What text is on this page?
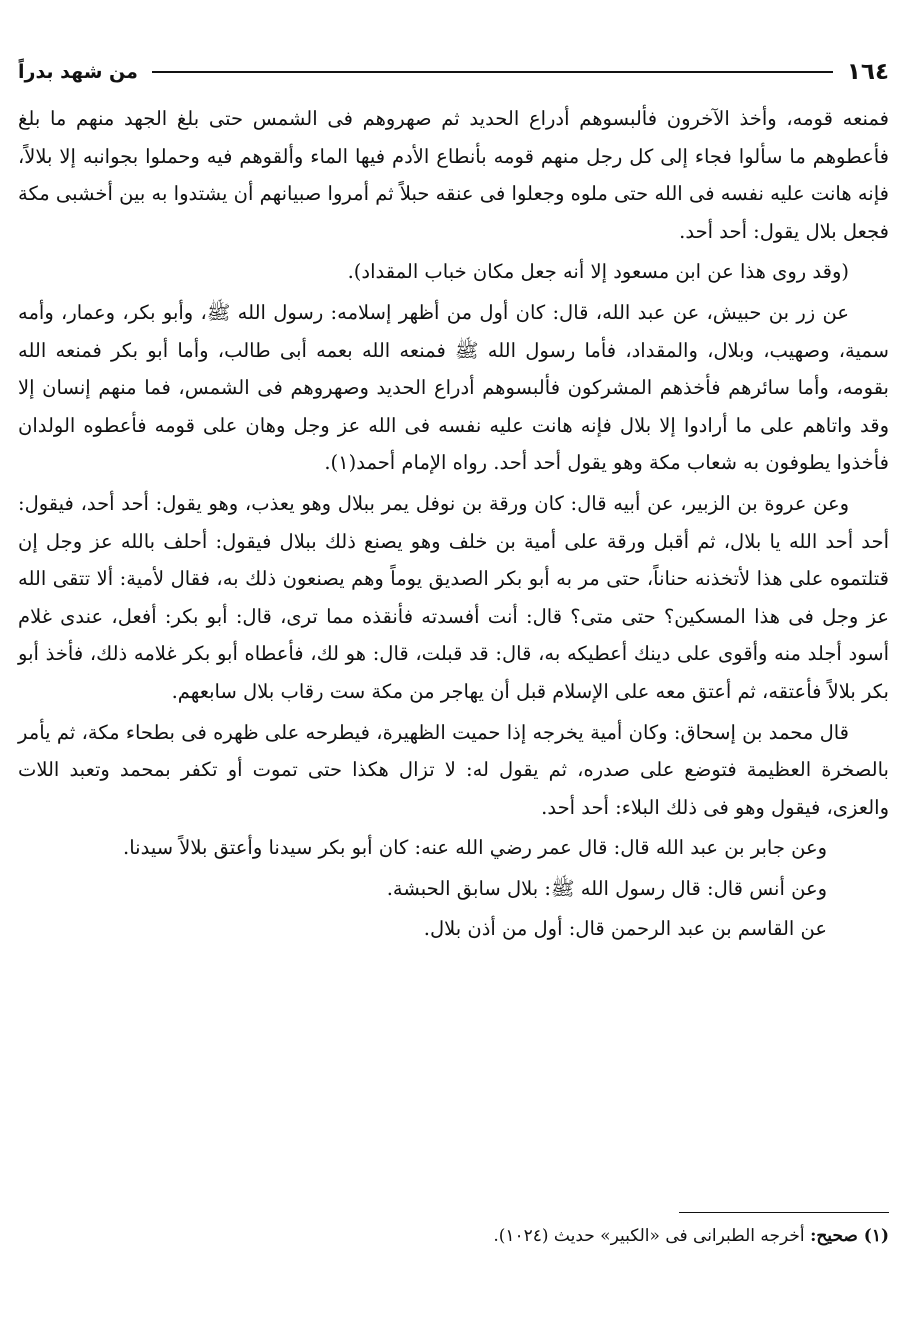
١٦٤
من شهد بدراً

فمنعه قومه، وأخذ الآخرون فألبسوهم أدراع الحديد ثم صهروهم فى الشمس حتى بلغ الجهد منهم ما بلغ فأعطوهم ما سألوا فجاء إلى كل رجل منهم قومه بأنطاع الأدم فيها الماء وألقوهم فيه وحملوا بجوانبه إلا بلالاً، فإنه هانت عليه نفسه فى الله حتى ملوه وجعلوا فى عنقه حبلاً ثم أمروا صبيانهم أن يشتدوا به بين أخشبى مكة فجعل بلال يقول: أحد أحد.

(وقد روى هذا عن ابن مسعود إلا أنه جعل مكان خباب المقداد).

عن زر بن حبيش، عن عبد الله، قال: كان أول من أظهر إسلامه: رسول الله ﷺ، وأبو بكر، وعمار، وأمه سمية، وصهيب، وبلال، والمقداد، فأما رسول الله ﷺ فمنعه الله بعمه أبى طالب، وأما أبو بكر فمنعه الله بقومه، وأما سائرهم فأخذهم المشركون فألبسوهم أدراع الحديد وصهروهم فى الشمس، فما منهم إنسان إلا وقد واتاهم على ما أرادوا إلا بلال فإنه هانت عليه نفسه فى الله عز وجل وهان على قومه فأعطوه الولدان فأخذوا يطوفون به شعاب مكة وهو يقول أحد أحد. رواه الإمام أحمد(١).

وعن عروة بن الزبير، عن أبيه قال: كان ورقة بن نوفل يمر ببلال وهو يعذب، وهو يقول: أحد أحد، فيقول: أحد أحد الله يا بلال، ثم أقبل ورقة على أمية بن خلف وهو يصنع ذلك ببلال فيقول: أحلف بالله عز وجل إن قتلتموه على هذا لأتخذنه حناناً، حتى مر به أبو بكر الصديق يوماً وهم يصنعون ذلك به، فقال لأمية: ألا تتقى الله عز وجل فى هذا المسكين؟ حتى متى؟ قال: أنت أفسدته فأنقذه مما ترى، قال: أبو بكر: أفعل، عندى غلام أسود أجلد منه وأقوى على دينك أعطيكه به، قال: قد قبلت، قال: هو لك، فأعطاه أبو بكر غلامه ذلك، فأخذ أبو بكر بلالاً فأعتقه، ثم أعتق معه على الإسلام قبل أن يهاجر من مكة ست رقاب بلال سابعهم.

قال محمد بن إسحاق: وكان أمية يخرجه إذا حميت الظهيرة، فيطرحه على ظهره فى بطحاء مكة، ثم يأمر بالصخرة العظيمة فتوضع على صدره، ثم يقول له: لا تزال هكذا حتى تموت أو تكفر بمحمد وتعبد اللات والعزى، فيقول وهو فى ذلك البلاء: أحد أحد.

وعن جابر بن عبد الله قال: قال عمر رضي الله عنه: كان أبو بكر سيدنا وأعتق بلالاً سيدنا.

وعن أنس قال: قال رسول الله ﷺ: بلال سابق الحبشة.

عن القاسم بن عبد الرحمن قال: أول من أذن بلال.

(١) صحيح: أخرجه الطبرانى فى «الكبير» حديث (١٠٢٤).
